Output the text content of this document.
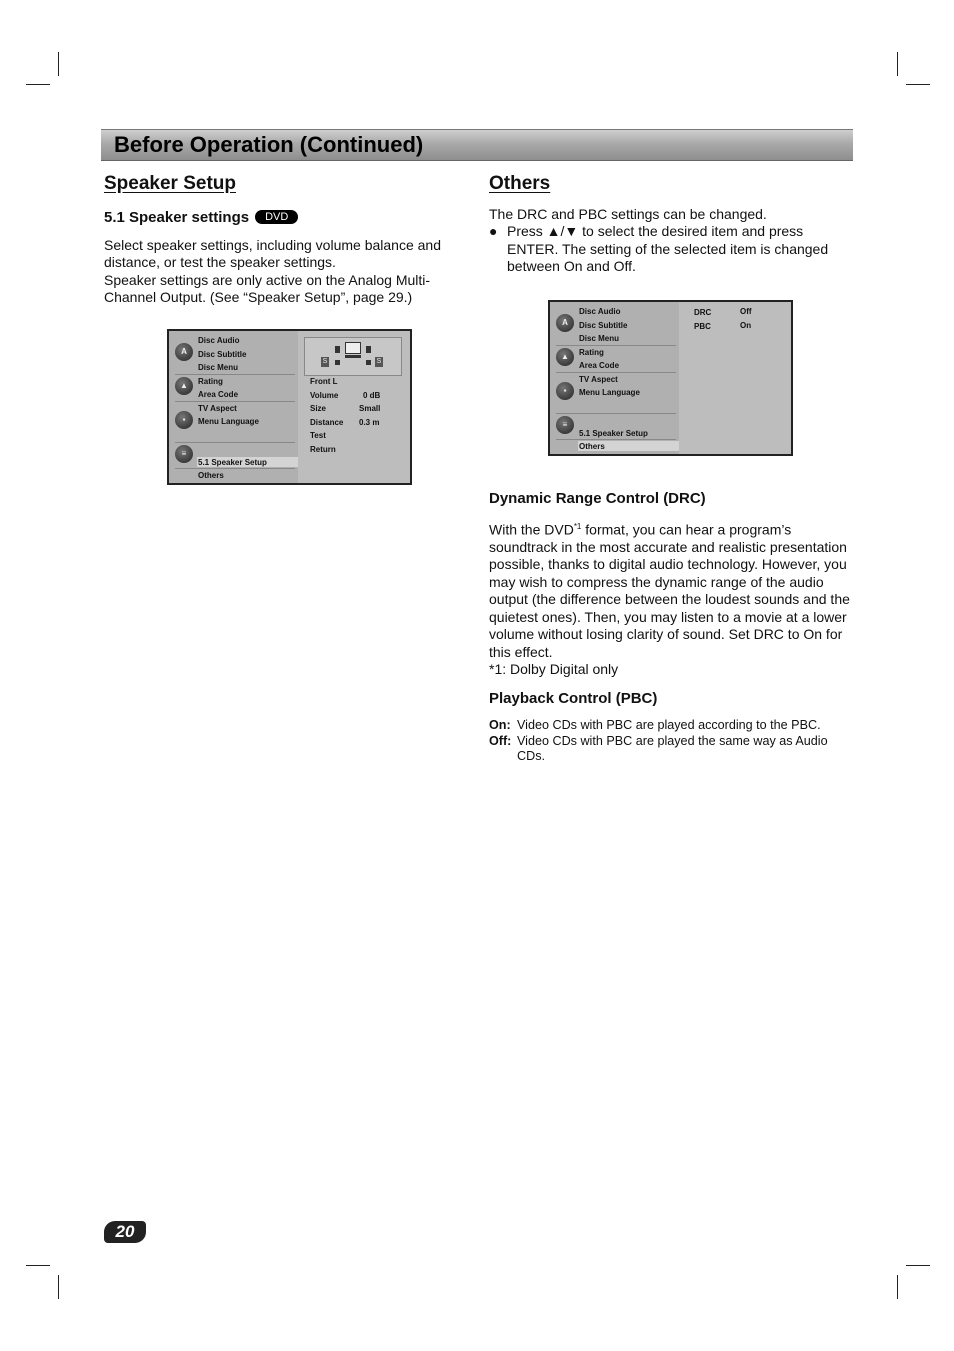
Before Operation (Continued)
Speaker Setup
5.1 Speaker settings DVD

Select speaker settings, including volume balance and distance, or test the speaker settings.

Speaker settings are only active on the Analog Multi-Channel Output. (See “Speaker Setup”, page 29.)

A
▲
▪
≡
Disc Audio
Disc Subtitle
Disc Menu
Rating
Area Code
TV Aspect
Menu Language
5.1 Speaker Setup
Others
S	S
Front L
Volume	0 dB
Size	Small
Distance 0.3 m
Test
Return
Others

The DRC and PBC settings can be changed.

● Press ▲/▼ to select the desired item and press ENTER. The setting of the selected item is changed between On and Off.
A
▲
▪
≡
Disc Audio
Disc Subtitle
Disc Menu
Rating
Area Code
TV Aspect
Menu Language
5.1 Speaker Setup
Others
DRC	Off
PBC	On
Dynamic Range Control (DRC)

With the DVD$^{*1}$ format, you can hear a program’s soundtrack in the most accurate and realistic presentation possible, thanks to digital audio technology. However, you may wish to compress the dynamic range of the audio output (the difference between the loudest sounds and the quietest ones). Then, you may listen to a movie at a lower volume without losing clarity of sound. Set DRC to On for this effect.

*1: Dolby Digital only

Playback Control (PBC)
On: Video CDs with PBC are played according to the PBC.
Off: Video CDs with PBC are played the same way as Audio CDs.
20
